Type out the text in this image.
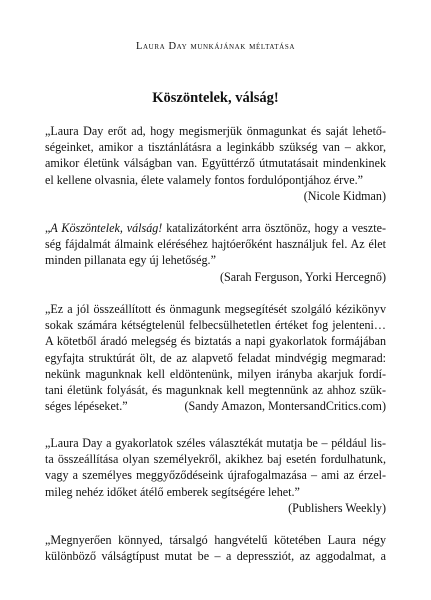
Laura Day munkájának méltatása
Köszöntelek, válság!
„Laura Day erőt ad, hogy megismerjük önmagunkat és saját lehető-
ségeinket, amikor a tisztánlátásra a leginkább szükség van – akkor,
amikor életünk válságban van. Együttérző útmutatásait mindenkinek
el kellene olvasnia, élete valamely fontos fordulópontjához érve.”
(Nicole Kidman)
„A Köszöntelek, válság! katalizátorként arra ösztönöz, hogy a veszte-
ség fájdalmát álmaink eléréséhez hajtóerőként használjuk fel. Az élet
minden pillanata egy új lehetőség.”
(Sarah Ferguson, Yorki Hercegnő)
„Ez a jól összeállított és önmagunk megsegítését szolgáló kézikönyv
sokak számára kétségtelenül felbecsülhetetlen értéket fog jelenteni…
A kötetből áradó melegség és biztatás a napi gyakorlatok formájában
egyfajta struktúrát ölt, de az alapvető feladat mindvégig megmarad:
nekünk magunknak kell eldöntenünk, milyen irányba akarjuk fordí-
tani életünk folyását, és magunknak kell megtennünk az ahhoz szük-
séges lépéseket.”	(Sandy Amazon, MontersandCritics.com)
„Laura Day a gyakorlatok széles választékát mutatja be – például lis-
ta összeállítása olyan személyekről, akikhez baj esetén fordulhatunk,
vagy a személyes meggyőződéseink újrafogalmazása – ami az érzel-
mileg nehéz időket átélő emberek segítségére lehet.”
(Publishers Weekly)
„Megnyerően könnyed, társalgó hangvételű kötetében Laura négy
különböző válságtípust mutat be – a depressziót, az aggodalmat, a
